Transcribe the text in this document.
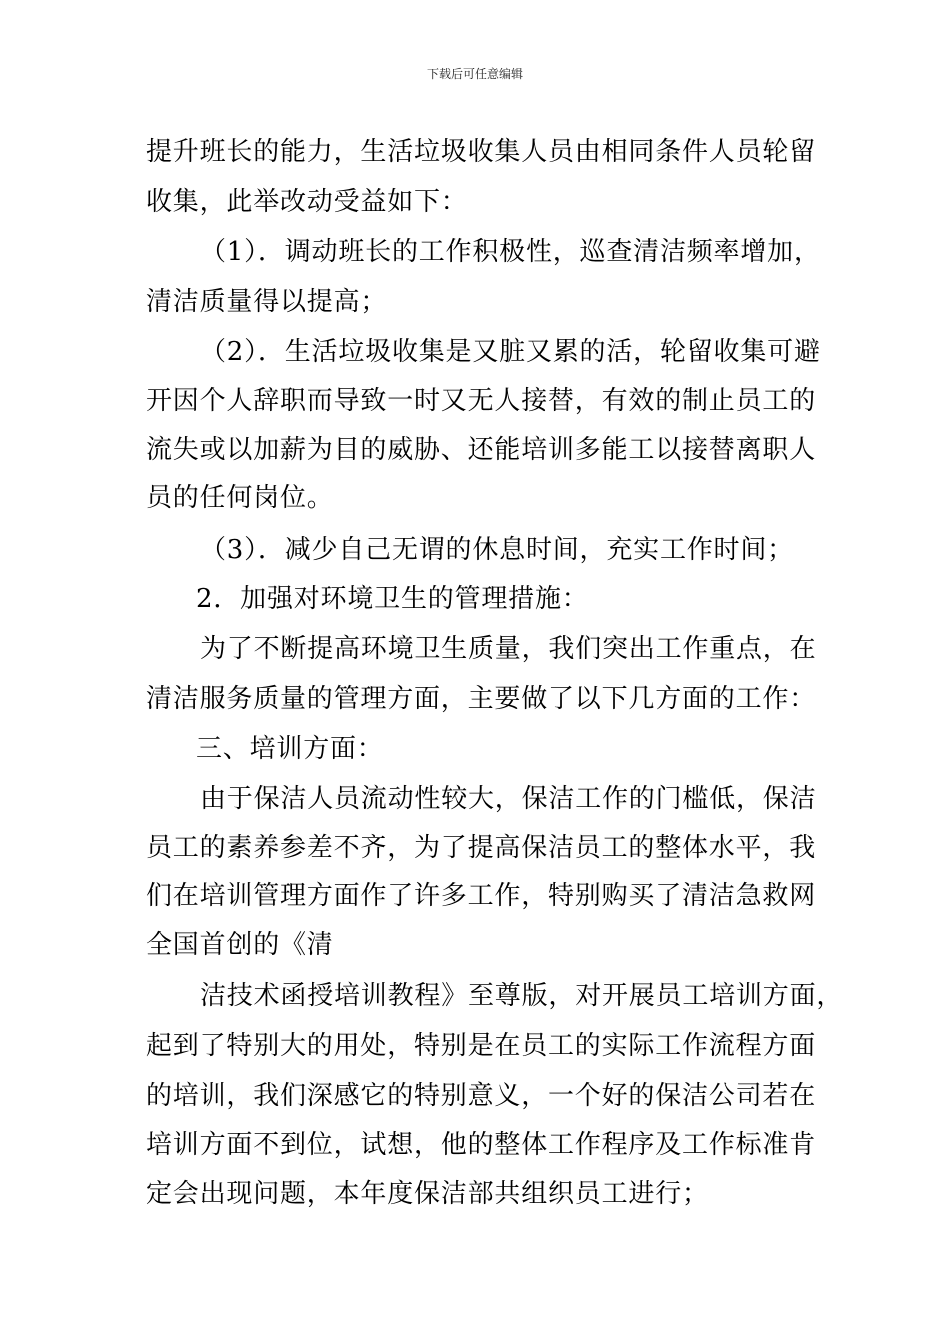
下载后可任意编辑
提升班长的能力，生活垃圾收集人员由相同条件人员轮留
收集，此举改动受益如下：
（1）．调动班长的工作积极性，巡查清洁频率增加，
清洁质量得以提高；
（2）．生活垃圾收集是又脏又累的活，轮留收集可避
开因个人辞职而导致一时又无人接替，有效的制止员工的
流失或以加薪为目的威胁、还能培训多能工以接替离职人
员的任何岗位。
（3）．减少自己无谓的休息时间，充实工作时间；
2．加强对环境卫生的管理措施：
为了不断提高环境卫生质量，我们突出工作重点，在
清洁服务质量的管理方面，主要做了以下几方面的工作：
三、培训方面：
由于保洁人员流动性较大，保洁工作的门槛低，保洁
员工的素养参差不齐，为了提高保洁员工的整体水平，我
们在培训管理方面作了许多工作，特别购买了清洁急救网
全国首创的《清
洁技术函授培训教程》至尊版，对开展员工培训方面，
起到了特别大的用处，特别是在员工的实际工作流程方面
的培训，我们深感它的特别意义，一个好的保洁公司若在
培训方面不到位，试想，他的整体工作程序及工作标准肯
定会出现问题，本年度保洁部共组织员工进行；
